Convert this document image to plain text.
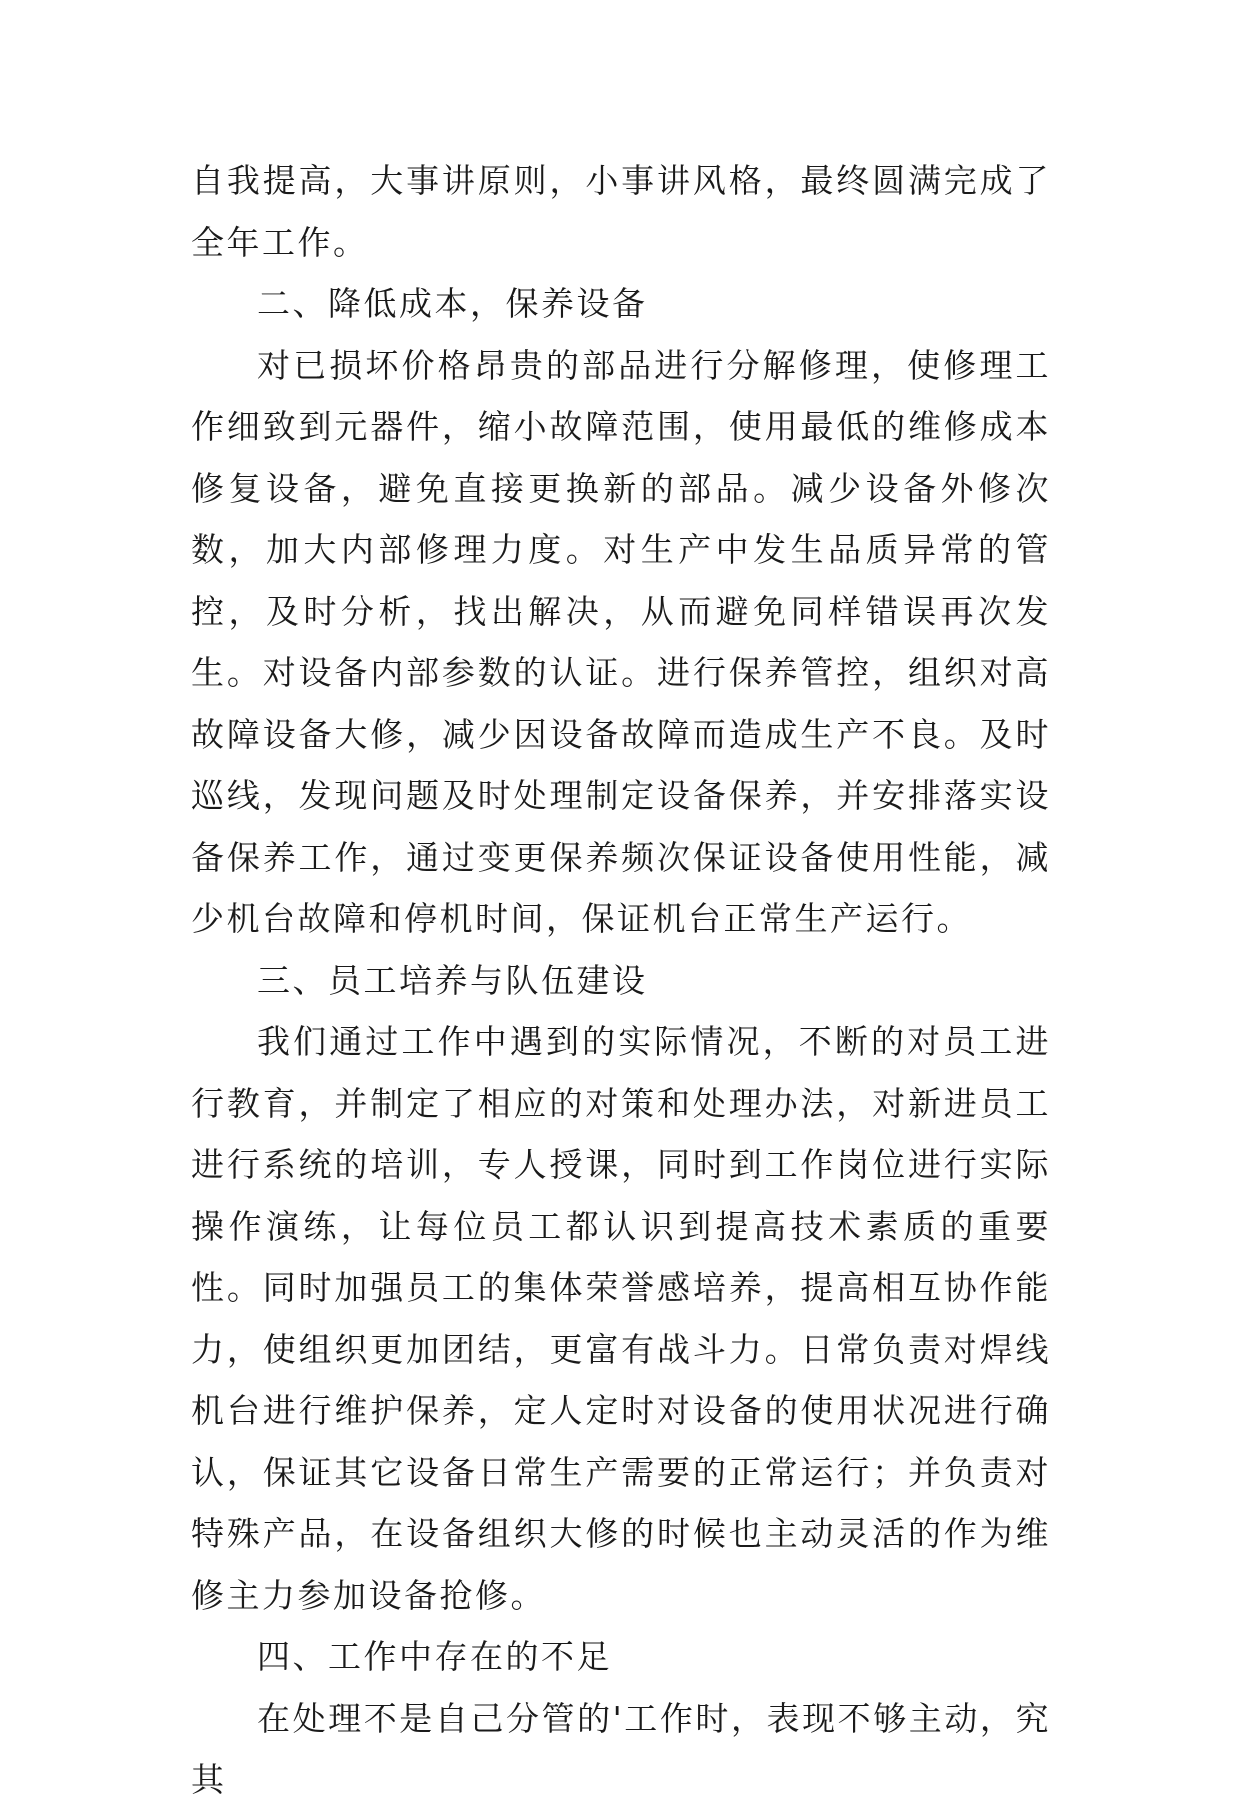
自我提高，大事讲原则，小事讲风格，最终圆满完成了全年工作。

二、降低成本，保养设备

对已损坏价格昂贵的部品进行分解修理，使修理工作细致到元器件，缩小故障范围，使用最低的维修成本修复设备，避免直接更换新的部品。减少设备外修次数，加大内部修理力度。对生产中发生品质异常的管控，及时分析，找出解决，从而避免同样错误再次发生。对设备内部参数的认证。进行保养管控，组织对高故障设备大修，减少因设备故障而造成生产不良。及时巡线，发现问题及时处理制定设备保养，并安排落实设备保养工作，通过变更保养频次保证设备使用性能，减少机台故障和停机时间，保证机台正常生产运行。

三、员工培养与队伍建设

我们通过工作中遇到的实际情况，不断的对员工进行教育，并制定了相应的对策和处理办法，对新进员工进行系统的培训，专人授课，同时到工作岗位进行实际操作演练，让每位员工都认识到提高技术素质的重要性。同时加强员工的集体荣誉感培养，提高相互协作能力，使组织更加团结，更富有战斗力。日常负责对焊线机台进行维护保养，定人定时对设备的使用状况进行确认，保证其它设备日常生产需要的正常运行；并负责对特殊产品，在设备组织大修的时候也主动灵活的作为维修主力参加设备抢修。

四、工作中存在的不足

在处理不是自己分管的'工作时，表现不够主动，究其
